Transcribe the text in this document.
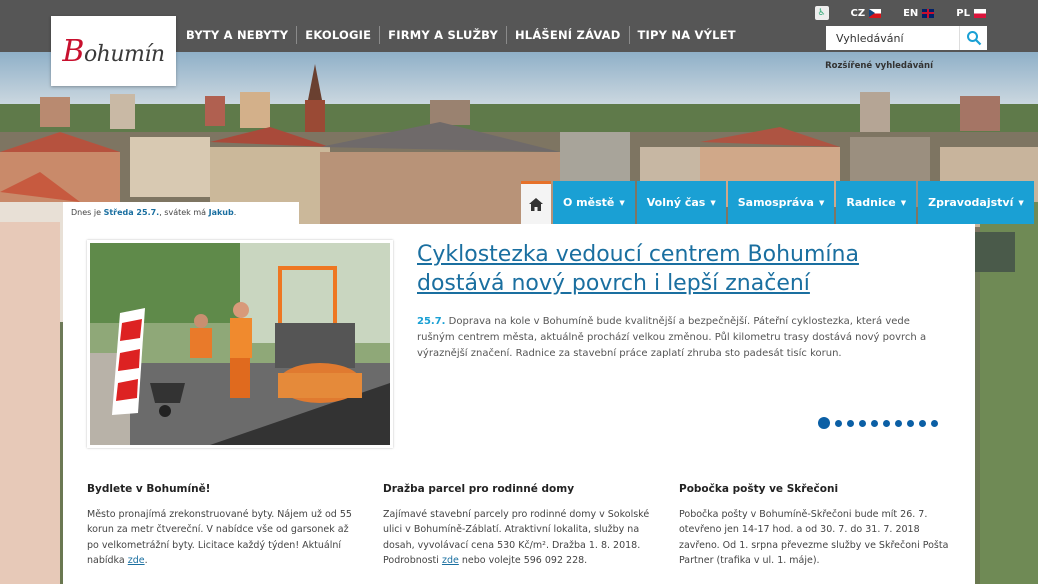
Bohumín
BYTY A NEBYTY	EKOLOGIE	FIRMY A SLUŽBY	HLÁŠENÍ ZÁVAD	TIPY NA VÝLET
♿ CZ	EN	PL
Vyhledávání
Rozšířené vyhledávání
Dnes je Středa 25.7., svátek má Jakub.
O městě ▼ Volný čas ▼ Samospráva ▼ Radnice ▼ Zpravodajství ▼
Cyklostezka vedoucí centrem Bohumína dostává nový povrch i lepší značení

25.7. Doprava na kole v Bohumíně bude kvalitnější a bezpečnější. Páteřní cyklostezka, která vede rušným centrem města, aktuálně prochází velkou změnou. Půl kilometru trasy dostává nový povrch a výraznější značení. Radnice za stavební práce zaplatí zhruba sto padesát tisíc korun.

Bydlete v Bohumíně!

Město pronajímá zrekonstruované byty. Nájem už od 55 korun za metr čtvereční. V nabídce vše od garsonek až po velkometrážní byty. Licitace každý týden! Aktuální nabídka zde.

Dražba parcel pro rodinné domy

Zajímavé stavební parcely pro rodinné domy v Sokolské ulici v Bohumíně-Záblatí. Atraktivní lokalita, služby na dosah, vyvolávací cena 530 Kč/m². Dražba 1. 8. 2018. Podrobnosti zde nebo volejte 596 092 228.

Pobočka pošty ve Skřečoni

Pobočka pošty v Bohumíně-Skřečoni bude mít 26. 7. otevřeno jen 14-17 hod. a od 30. 7. do 31. 7. 2018 zavřeno. Od 1. srpna převezme služby ve Skřečoni Pošta Partner (trafika v ul. 1. máje).
